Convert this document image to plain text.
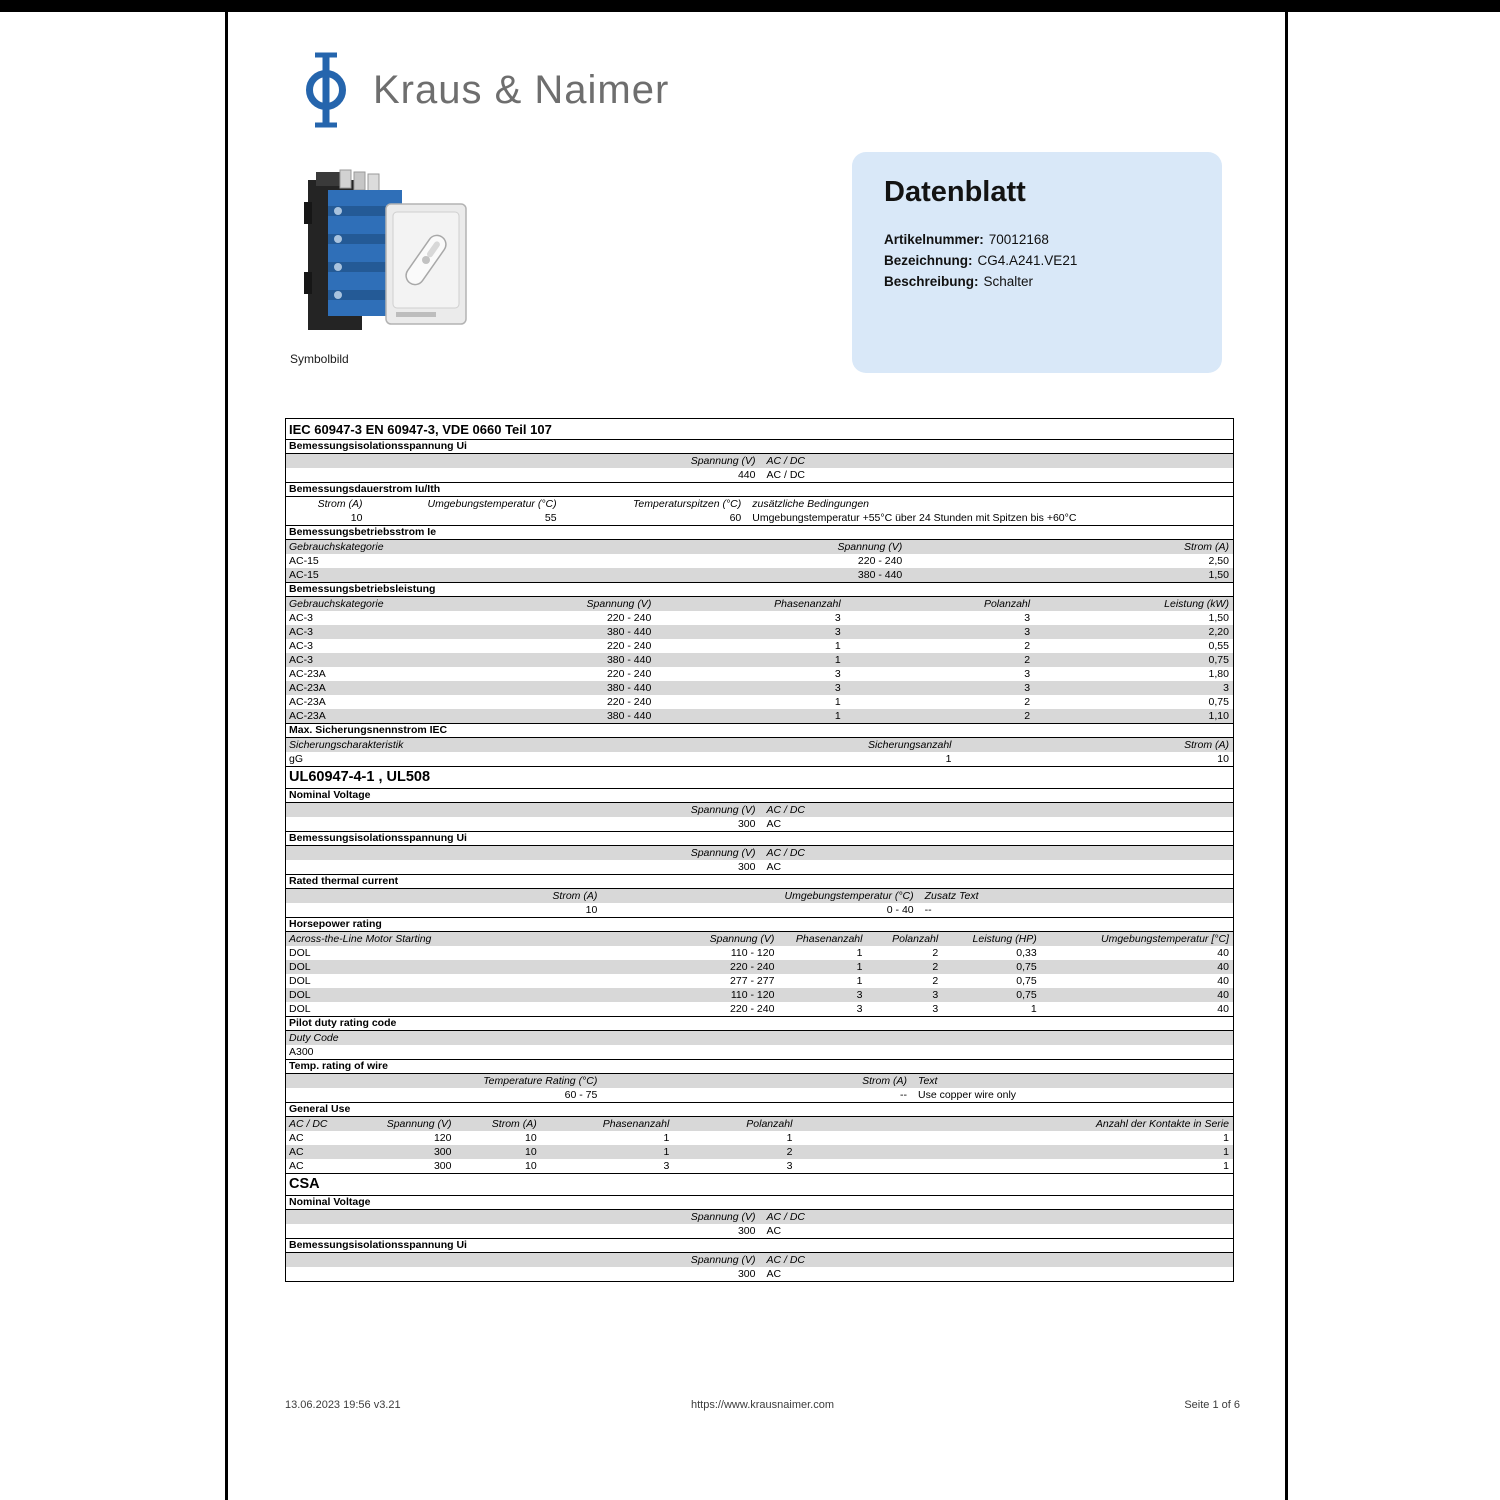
Kraus & Naimer
Symbolbild
Datenblatt
Artikelnummer: 70012168
Bezeichnung: CG4.A241.VE21
Beschreibung: Schalter
IEC 60947-3 EN 60947-3, VDE 0660 Teil 107
Bemessungsisolationsspannung Ui
Spannung (V)	AC / DC
440	AC / DC
Bemessungsdauerstrom Iu/Ith
Strom (A)	Umgebungstemperatur (°C)	Temperaturspitzen (°C)	zusätzliche Bedingungen
10	55	60	Umgebungstemperatur +55°C über 24 Stunden mit Spitzen bis +60°C
Bemessungsbetriebsstrom Ie
Gebrauchskategorie	Spannung (V)	Strom (A)
AC-15	220 - 240	2,50
AC-15	380 - 440	1,50
Bemessungsbetriebsleistung
Gebrauchskategorie	Spannung (V)	Phasenanzahl	Polanzahl	Leistung (kW)
AC-3	220 - 240	3	3	1,50
AC-3	380 - 440	3	3	2,20
AC-3	220 - 240	1	2	0,55
AC-3	380 - 440	1	2	0,75
AC-23A	220 - 240	3	3	1,80
AC-23A	380 - 440	3	3	3
AC-23A	220 - 240	1	2	0,75
AC-23A	380 - 440	1	2	1,10
Max. Sicherungsnennstrom IEC
Sicherungscharakteristik	Sicherungsanzahl	Strom (A)
gG	1	10
UL60947-4-1 , UL508
Nominal Voltage
Spannung (V)	AC / DC
300	AC
Bemessungsisolationsspannung Ui
Spannung (V)	AC / DC
300	AC
Rated thermal current
Strom (A)	Umgebungstemperatur (°C)	Zusatz Text
10	0 - 40	--
Horsepower rating
Across-the-Line Motor Starting	Spannung (V)	Phasenanzahl	Polanzahl	Leistung (HP)	Umgebungstemperatur [°C]
DOL	110 - 120	1	2	0,33	40
DOL	220 - 240	1	2	0,75	40
DOL	277 - 277	1	2	0,75	40
DOL	110 - 120	3	3	0,75	40
DOL	220 - 240	3	3	1	40
Pilot duty rating code
Duty Code
A300
Temp. rating of wire
Temperature Rating (°C)	Strom (A)	Text
60 - 75	--	Use copper wire only
General Use
AC / DC	Spannung (V)	Strom (A)	Phasenanzahl	Polanzahl	Anzahl der Kontakte in Serie
AC	120	10	1	1	1
AC	300	10	1	2	1
AC	300	10	3	3	1
CSA
Nominal Voltage
Spannung (V)	AC / DC
300	AC
Bemessungsisolationsspannung Ui
Spannung (V)	AC / DC
300	AC
13.06.2023 19:56 v3.21	https://www.krausnaimer.com	Seite 1 of 6
